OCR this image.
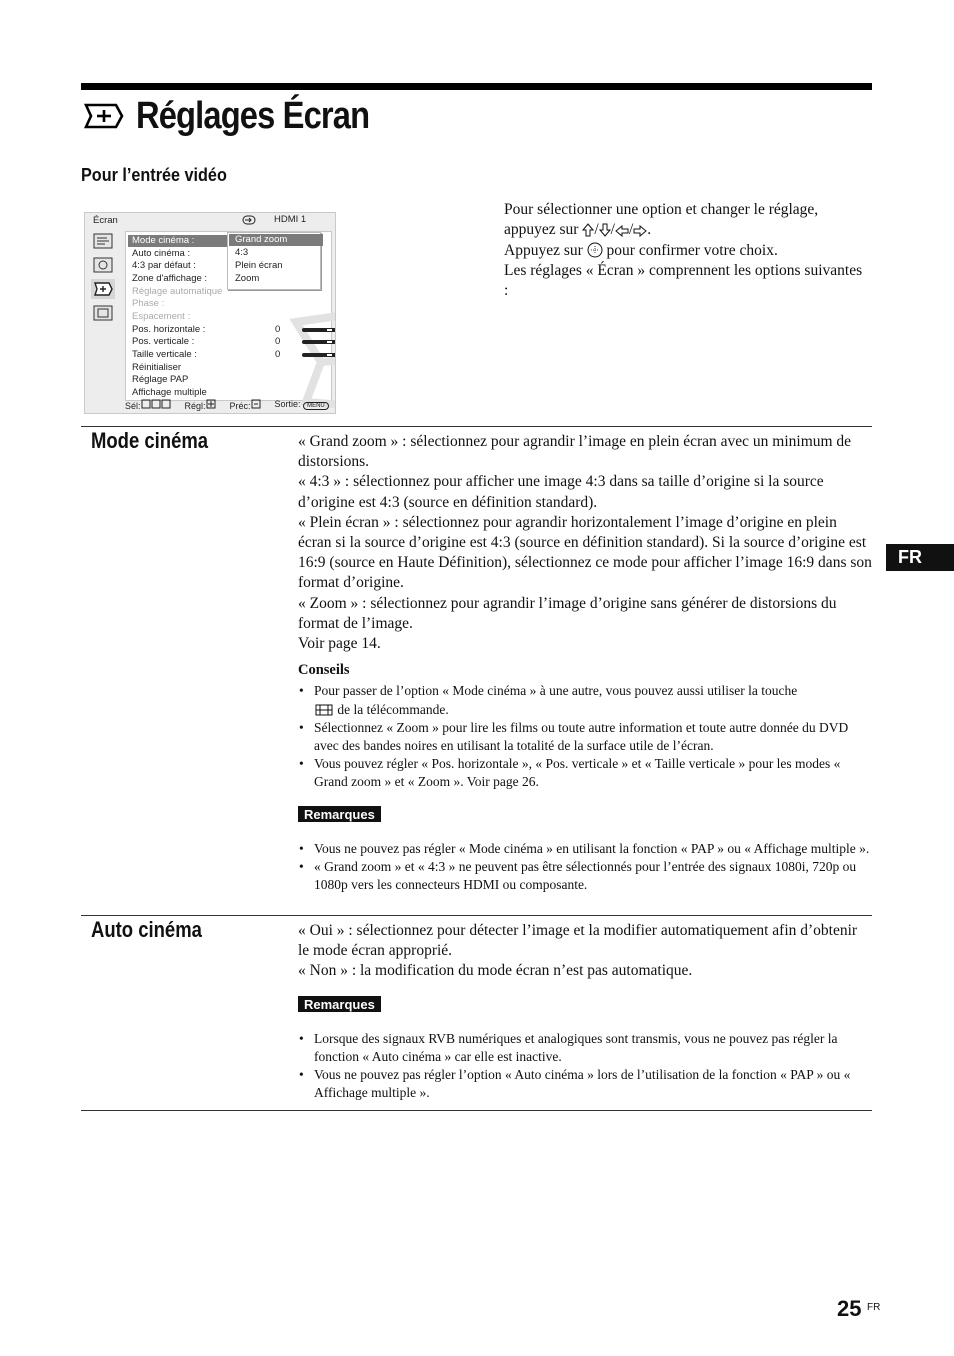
Réglages Écran
Pour l’entrée vidéo
Écran	HDMI 1
Mode cinéma :
Auto cinéma :
4:3 par défaut :
Zone d'affichage :
Réglage automatique
Phase :
Espacement :
Pos. horizontale :
Pos. verticale :
Taille verticale :
Réinitialiser
Réglage PAP
Affichage multiple
0
0
0
Grand zoom
4:3
Plein écran
Zoom
Sél:	Régl:	Préc:	Sortie: MENU

Pour sélectionner une option et changer le réglage,

appuyez sur / / / .

Appuyez sur pour confirmer votre choix.

Les réglages « Écran » comprennent les options suivantes :

Mode cinéma	« Grand zoom » : sélectionnez pour agrandir l’image en plein écran avec un minimum de distorsions.

« 4:3 » : sélectionnez pour afficher une image 4:3 dans sa taille d’origine si la source d’origine est 4:3 (source en définition standard).

« Plein écran » : sélectionnez pour agrandir horizontalement l’image d’origine en plein écran si la source d’origine est 4:3 (source en définition standard). Si la source d’origine est 16:9 (source en Haute Définition), sélectionnez ce mode pour afficher l’image 16:9 dans son format d’origine.

« Zoom » : sélectionnez pour agrandir l’image d’origine sans générer de distorsions du format de l’image.

Voir page 14.

Conseils

• Pour passer de l’option « Mode cinéma » à une autre, vous pouvez aussi utiliser la touche
de la télécommande.
• Sélectionnez « Zoom » pour lire les films ou toute autre information et toute autre donnée du DVD avec des bandes noires en utilisant la totalité de la surface utile de l’écran.
• Vous pouvez régler « Pos. horizontale », « Pos. verticale » et « Taille verticale » pour les modes « Grand zoom » et « Zoom ». Voir page 26.
Remarques
• Vous ne pouvez pas régler « Mode cinéma » en utilisant la fonction « PAP » ou « Affichage multiple ».
• « Grand zoom » et « 4:3 » ne peuvent pas être sélectionnés pour l’entrée des signaux 1080i, 720p ou 1080p vers les connecteurs HDMI ou composante.
Auto cinéma	« Oui » : sélectionnez pour détecter l’image et la modifier automatiquement afin d’obtenir le mode écran approprié.

« Non » : la modification du mode écran n’est pas automatique.

Remarques
• Lorsque des signaux RVB numériques et analogiques sont transmis, vous ne pouvez pas régler la fonction « Auto cinéma » car elle est inactive.
• Vous ne pouvez pas régler l’option « Auto cinéma » lors de l’utilisation de la fonction « PAP » ou « Affichage multiple ».
FR
25 FR
